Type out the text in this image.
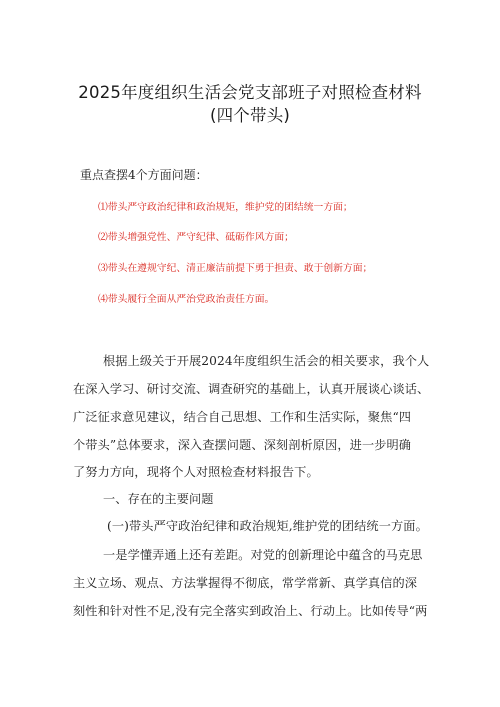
2025年度组织生活会党支部班子对照检查材料
(四个带头)
重点查摆4个方面问题：
⑴带头严守政治纪律和政治规矩，维护党的团结统一方面；
⑵带头增强党性、严守纪律、砥砺作风方面；
⑶带头在遵规守纪、清正廉洁前提下勇于担责、敢于创新方面；
⑷带头履行全面从严治党政治责任方面。
根据上级关于开展2024年度组织生活会的相关要求，我个人
在深入学习、研讨交流、调查研究的基础上，认真开展谈心谈话、
广泛征求意见建议，结合自己思想、工作和生活实际，聚焦“四
个带头”总体要求，深入查摆问题、深刻剖析原因，进一步明确
了努力方向，现将个人对照检查材料报告下。
一、存在的主要问题
(一)带头严守政治纪律和政治规矩,维护党的团结统一方面。
一是学懂弄通上还有差距。对党的创新理论中蕴含的马克思
主义立场、观点、方法掌握得不彻底，常学常新、真学真信的深
刻性和针对性不足,没有完全落实到政治上、行动上。比如传导“两
